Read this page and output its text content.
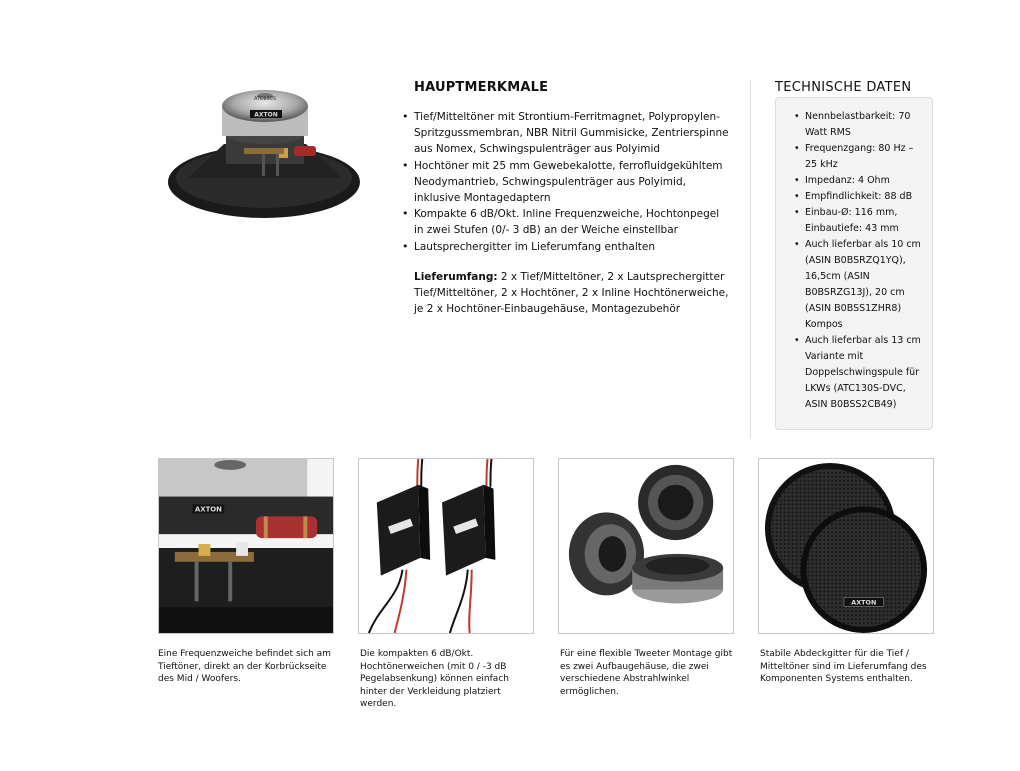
ATC130S
AXTON
HAUPTMERKMALE
• Tief/Mitteltöner mit Strontium-Ferritmagnet, Polypropylen-Spritzgussmembran, NBR Nitril Gummisicke, Zentrierspinne aus Nomex, Schwingspulenträger aus Polyimid
• Hochtöner mit 25 mm Gewebekalotte, ferrofluidgekühltem Neodymantrieb, Schwingspulenträger aus Polyimid, inklusive Montagedaptern
• Kompakte 6 dB/Okt. Inline Frequenzweiche, Hochtonpegel in zwei Stufen (0/- 3 dB) an der Weiche einstellbar
• Lautsprechergitter im Lieferumfang enthalten
Lieferumfang: 2 x Tief/Mitteltöner, 2 x Lautsprechergitter Tief/Mitteltöner, 2 x Hochtöner, 2 x Inline Hochtönerweiche, je 2 x Hochtöner-Einbaugehäuse, Montagezubehör
TECHNISCHE DATEN
• Nennbelastbarkeit: 70 Watt RMS
• Frequenzgang: 80 Hz – 25 kHz
• Impedanz: 4 Ohm
• Empfindlichkeit: 88 dB
• Einbau-Ø: 116 mm, Einbautiefe: 43 mm
• Auch lieferbar als 10 cm (ASIN B0BSRZQ1YQ), 16,5cm (ASIN B0BSRZG13J), 20 cm (ASIN B0BSS1ZHR8) Kompos
• Auch lieferbar als 13 cm Variante mit Doppelschwingspule für LKWs (ATC130S-DVC, ASIN B0BSS2CB49)
AXTON
Eine Frequenzweiche befindet sich am Tieftöner, direkt an der Korbrückseite des Mid / Woofers.
Die kompakten 6 dB/Okt. Hochtönerweichen (mit 0 / -3 dB Pegelabsenkung) können einfach hinter der Verkleidung platziert werden.
Für eine flexible Tweeter Montage gibt es zwei Aufbaugehäuse, die zwei verschiedene Abstrahlwinkel ermöglichen.
AXTON
Stabile Abdeckgitter für die Tief / Mitteltöner sind im Lieferumfang des Komponenten Systems enthalten.
